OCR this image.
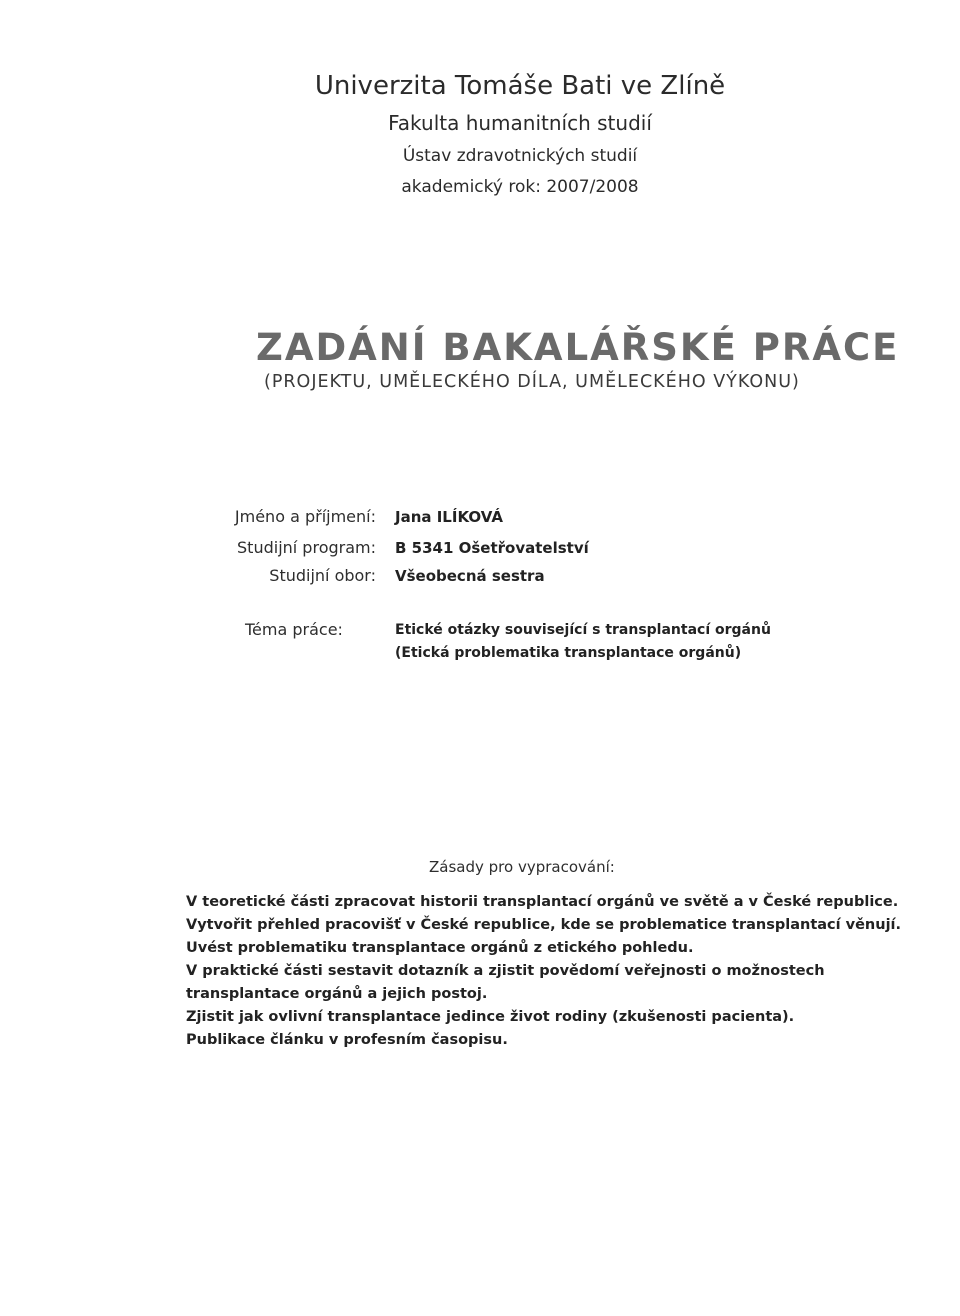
Univerzita Tomáše Bati ve Zlíně
Fakulta humanitních studií
Ústav zdravotnických studií
akademický rok: 2007/2008
ZADÁNÍ BAKALÁŘSKÉ PRÁCE
(PROJEKTU, UMĚLECKÉHO DÍLA, UMĚLECKÉHO VÝKONU)
Jméno a příjmení: Jana ILÍKOVÁ
Studijní program: B 5341 Ošetřovatelství
Studijní obor: Všeobecná sestra
Téma práce:	Etické otázky související s transplantací orgánů
(Etická problematika transplantace orgánů)
Zásady pro vypracování:
V teoretické části zpracovat historii transplantací orgánů ve světě a v České republice.
Vytvořit přehled pracovišť v České republice, kde se problematice transplantací věnují.
Uvést problematiku transplantace orgánů z etického pohledu.
V praktické části sestavit dotazník a zjistit povědomí veřejnosti o možnostech
transplantace orgánů a jejich postoj.
Zjistit jak ovlivní transplantace jedince život rodiny (zkušenosti pacienta).
Publikace článku v profesním časopisu.
